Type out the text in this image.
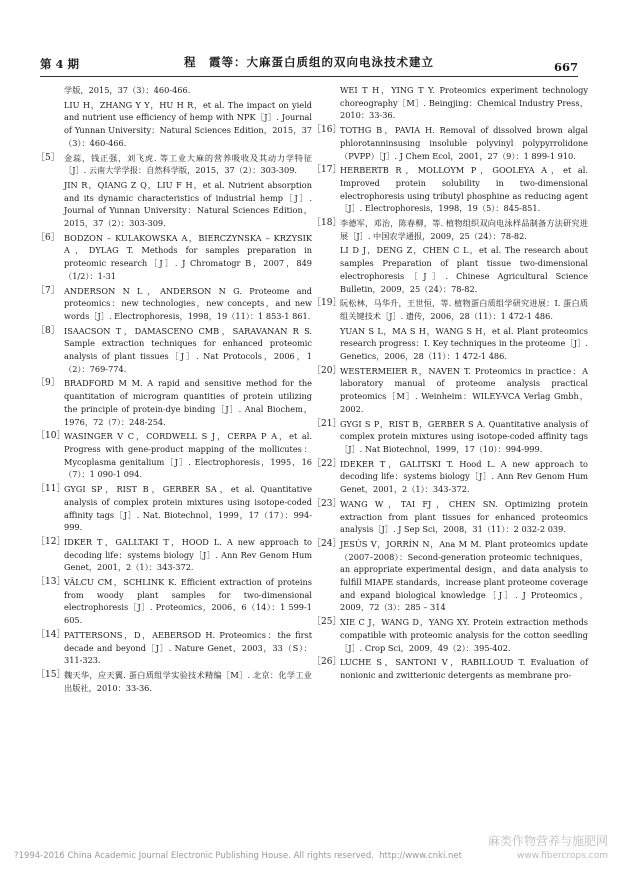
第 4 期	程　霞等：大麻蛋白质组的双向电泳技术建立	667
学版，2015，37（3）：460-466.
LIU H，ZHANG Y Y，HU H R，et al. The impact on yield and nutrient use efficiency of hemp with NPK［J］. Journal of Yunnan University：Natural Sciences Edition，2015，37（3）：460-466.
［5］ 金蕊，钱正强，刘飞虎. 等工业大麻的营养吸收及其动力学特征［J］. 云南大学学报：自然科学版，2015，37（2）：303-309.
JIN R，QIANG Z Q，LIU F H，et al. Nutrient absorption and its dynamic characteristics of industrial hemp［J］. Journal of Yunnan University：Natural Sciences Edition，2015，37（2）：303-309.
［6］ BODZON – KULAKOWSKA A，BIERCZYNSKA – KRZYSIK A，DYLAG T. Methods for samples preparation in proteomic research［J］. J Chromatogr B，2007，849（1/2）：1-31
［7］ ANDERSON N L，ANDERSON N G. Proteome and proteomics：new technologies，new concepts，and new words［J］. Electrophoresis，1998，19（11）：1 853-1 861.
［8］ ISAACSON T，DAMASCENO CMB，SARAVANAN R S. Sample extraction techniques for enhanced proteomic analysis of plant tissues［J］. Nat Protocols，2006，1（2）：769-774.
［9］ BRADFORD M M. A rapid and sensitive method for the quantitation of microgram quantities of protein utilizing the principle of protein-dye binding［J］. Anal Biochem，1976，72（7）：248-254.
［10］
WASINGER V C，CORDWELL S J，CERPA P A，et al. Progress with gene-product mapping of the mollicutes：Mycoplasma genitalium［J］. Electrophoresis，1995，16（7）：1 090-1 094.
［11］
GYGI SP，RIST B，GERBER SA，et al. Quantitative analysis of complex protein mixtures using isotope-coded affinity tags［J］. Nat. Biotechnol，1999，17（17）：994-999.
［12］
IDKER T，GALLTAKI T，HOOD L. A new approach to decoding life：systems biology［J］. Ann Rev Genom Hum Genet，2001，2（1）：343-372.
［13］
VÂLCU CM，SCHLINK K. Efficient extraction of proteins from woody plant samples for two-dimensional electrophoresis［J］. Proteomics，2006，6（14）：1 599-1 605.
［14］
PATTERSONS，D，AEBERSOD H. Proteomics：the first decade and beyond［J］. Nature Genet，2003，33（S）：311-323.
［15］
魏天华，应天翼. 蛋白质组学实验技术精编［M］. 北京：化学工业出版社，2010：33-36.
WEI T H，YING T Y. Proteomics experiment technology choreography［M］. Beingjing：Chemical Industry Press，2010：33-36.
［16］
TOTHG B，PAVIA H. Removal of dissolved brown algal phlorotanninsusing insoluble polyvinyl polypyrrolidone（PVPP）［J］. J Chem Ecol，2001，27（9）：1 899-1 910.
［17］
HERBERTB R，MOLLOYM P，GOOLEYA A，et al. Improved protein solubility in two-dimensional electrophoresis using tributyl phosphine as reducing agent［J］. Electrophoresis，1998，19（5）：845-851.
［18］
李德军，邓治，陈春柳，等. 植物组织双向电泳样品制备方法研究进展［J］. 中国农学通报，2009，25（24）：78-82.
LI D J，DENG Z，CHEN C L，et al. The research about samples Preparation of plant tissue two-dimensional electrophoresis［J］. Chinese Agricultural Science Bulletin，2009，25（24）：78-82.
［19］
阮松林，马华升，王世恒，等. 植物蛋白质组学研究进展：I. 蛋白质组关键技术［J］. 遗传，2006，28（11）：1 472-1 486.
YUAN S L，MA S H，WANG S H，et al. Plant proteomics research progress：I. Key techniques in the proteome［J］. Genetics，2006，28（11）：1 472-1 486.
［20］
WESTERMEIER R，NAVEN T. Proteomics in practice：A laboratory manual of proteome analysis practical proteomics［M］. Weinheim：WILEY-VCA Verlag Gmbh，2002.
［21］
GYGI S P，RIST B，GERBER S A. Quantitative analysis of complex protein mixtures using isotope-coded affinity tags［J］. Nat Biotechnol，1999，17（10）：994-999.
［22］
IDEKER T，GALITSKI T. Hood L. A new approach to decoding life：systems biology［J］. Ann Rev Genom Hum Genet，2001，2（1）：343-372.
［23］
WANG W，TAI FJ，CHEN SN. Optimizing protein extraction from plant tissues for enhanced proteomics analysis［J］. J Sep Sci，2008，31（11）：2 032-2 039.
［24］
JESÚS V，JORRÍN N，Ana M M. Plant proteomics update（2007–2008）：Second-generation proteomic techniques，an appropriate experimental design，and data analysis to fulfill MIAPE standards，increase plant proteome coverage and expand biological knowledge［J］. J Proteomics，2009，72（3）：285 – 314
［25］
XIE C J，WANG D，YANG XY. Protein extraction methods compatible with proteomic analysis for the cotton seedling［J］. Crop Sci，2009，49（2）：395-402.
［26］
LUCHE S，SANTONI V，RABILLOUD T. Evaluation of nonionic and zwitterionic detergents as membrane pro-
?1994-2016 China Academic Journal Electronic Publishing House. All rights reserved. http://www.cnki.net
麻类作物营养与施肥网
www.fibercrops.com
